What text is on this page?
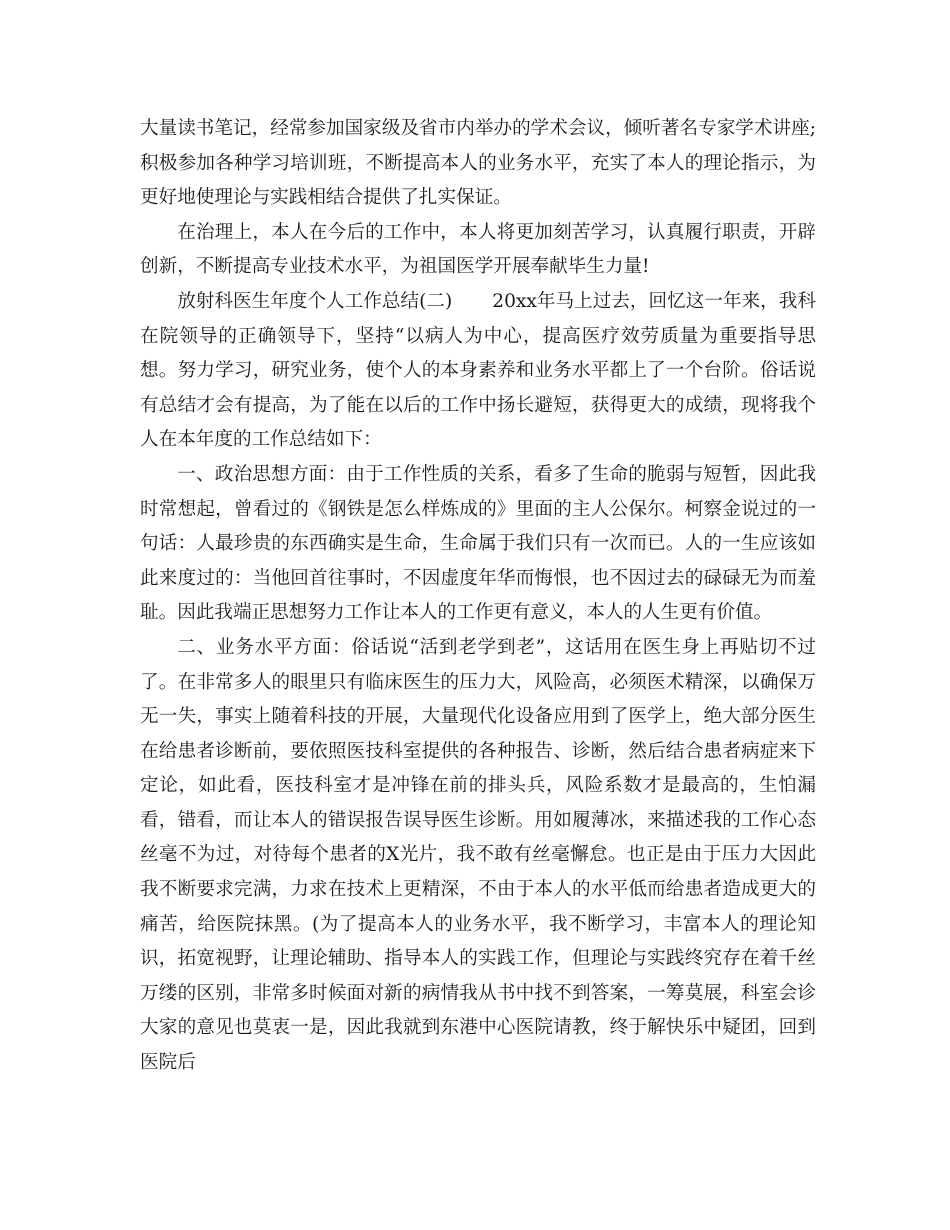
大量读书笔记，经常参加国家级及省市内举办的学术会议，倾听著名专家学术讲座;积极参加各种学习培训班，不断提高本人的业务水平，充实了本人的理论指示，为更好地使理论与实践相结合提供了扎实保证。

在治理上，本人在今后的工作中，本人将更加刻苦学习，认真履行职责，开辟创新，不断提高专业技术水平，为祖国医学开展奉献毕生力量!

放射科医生年度个人工作总结(二) 20xx年马上过去，回忆这一年来，我科在院领导的正确领导下，坚持“以病人为中心，提高医疗效劳质量为重要指导思想。努力学习，研究业务，使个人的本身素养和业务水平都上了一个台阶。俗话说有总结才会有提高，为了能在以后的工作中扬长避短，获得更大的成绩，现将我个人在本年度的工作总结如下：

一、政治思想方面：由于工作性质的关系，看多了生命的脆弱与短暂，因此我时常想起，曾看过的《钢铁是怎么样炼成的》里面的主人公保尔。柯察金说过的一句话：人最珍贵的东西确实是生命，生命属于我们只有一次而已。人的一生应该如此来度过的：当他回首往事时，不因虚度年华而悔恨，也不因过去的碌碌无为而羞耻。因此我端正思想努力工作让本人的工作更有意义，本人的人生更有价值。

二、业务水平方面：俗话说“活到老学到老”，这话用在医生身上再贴切不过了。在非常多人的眼里只有临床医生的压力大，风险高，必须医术精深，以确保万无一失，事实上随着科技的开展，大量现代化设备应用到了医学上，绝大部分医生在给患者诊断前，要依照医技科室提供的各种报告、诊断，然后结合患者病症来下定论，如此看，医技科室才是冲锋在前的排头兵，风险系数才是最高的，生怕漏看，错看，而让本人的错误报告误导医生诊断。用如履薄冰，来描述我的工作心态丝毫不为过，对待每个患者的X光片，我不敢有丝毫懈怠。也正是由于压力大因此我不断要求完满，力求在技术上更精深，不由于本人的水平低而给患者造成更大的痛苦，给医院抹黑。(为了提高本人的业务水平，我不断学习，丰富本人的理论知识，拓宽视野，让理论辅助、指导本人的实践工作，但理论与实践终究存在着千丝万缕的区别，非常多时候面对新的病情我从书中找不到答案，一筹莫展，科室会诊大家的意见也莫衷一是，因此我就到东港中心医院请教，终于解快乐中疑团，回到医院后
